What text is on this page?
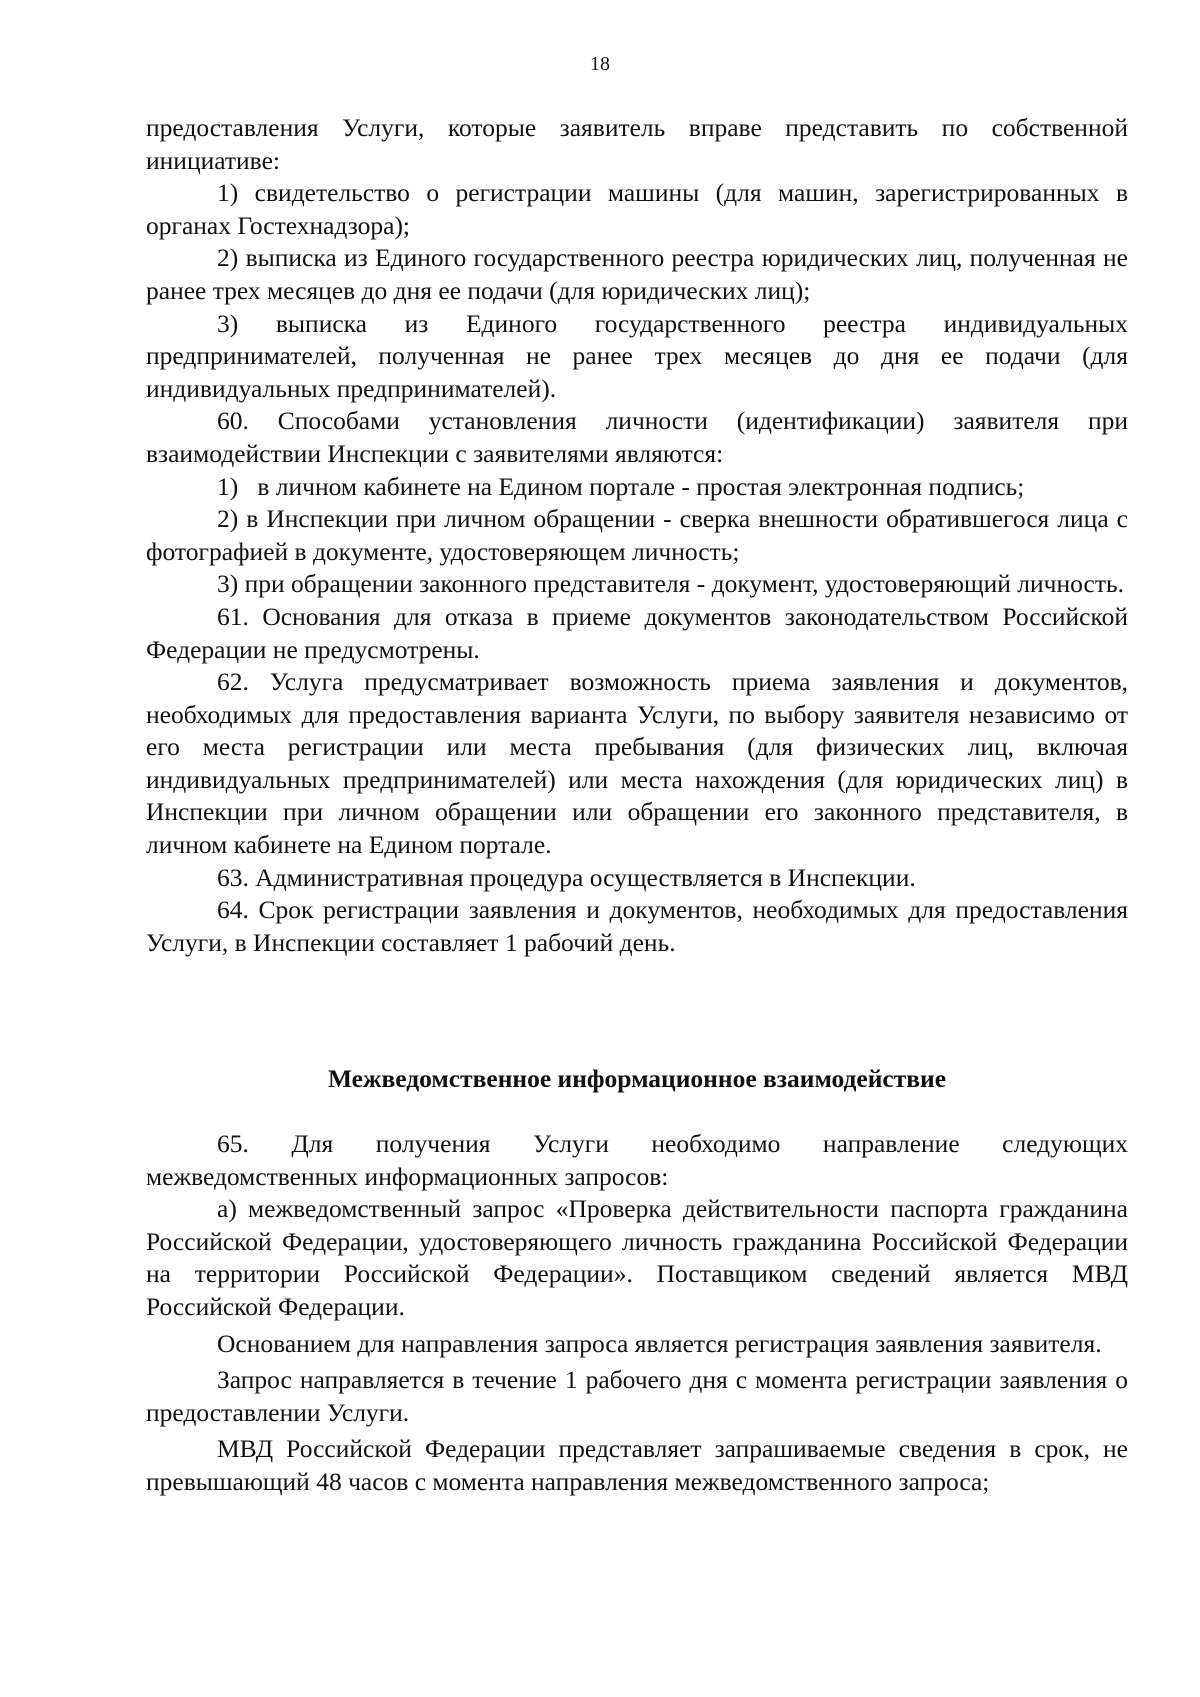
18

предоставления Услуги, которые заявитель вправе представить по собственной инициативе:

1) свидетельство о регистрации машины (для машин, зарегистрированных в органах Гостехнадзора);

2) выписка из Единого государственного реестра юридических лиц, полученная не ранее трех месяцев до дня ее подачи (для юридических лиц);

3) выписка из Единого государственного реестра индивидуальных предпринимателей, полученная не ранее трех месяцев до дня ее подачи (для индивидуальных предпринимателей).

60. Способами установления личности (идентификации) заявителя при взаимодействии Инспекции с заявителями являются:

1)   в личном кабинете на Едином портале - простая электронная подпись;

2) в Инспекции при личном обращении - сверка внешности обратившегося лица с фотографией в документе, удостоверяющем личность;

3) при обращении законного представителя - документ, удостоверяющий личность.

61. Основания для отказа в приеме документов законодательством Российской Федерации не предусмотрены.

62. Услуга предусматривает возможность приема заявления и документов, необходимых для предоставления варианта Услуги, по выбору заявителя независимо от его места регистрации или места пребывания (для физических лиц, включая индивидуальных предпринимателей) или места нахождения (для юридических лиц) в Инспекции при личном обращении или обращении его законного представителя, в личном кабинете на Едином портале.

63. Административная процедура осуществляется в Инспекции.

64. Срок регистрации заявления и документов, необходимых для предоставления Услуги, в Инспекции составляет 1 рабочий день.

Межведомственное информационное взаимодействие

65. Для получения Услуги необходимо направление следующих межведомственных информационных запросов:

а) межведомственный запрос «Проверка действительности паспорта гражданина Российской Федерации, удостоверяющего личность гражданина Российской Федерации на территории Российской Федерации». Поставщиком сведений является МВД Российской Федерации.

Основанием для направления запроса является регистрация заявления заявителя.

Запрос направляется в течение 1 рабочего дня с момента регистрации заявления о предоставлении Услуги.

МВД Российской Федерации представляет запрашиваемые сведения в срок, не превышающий 48 часов с момента направления межведомственного запроса;
